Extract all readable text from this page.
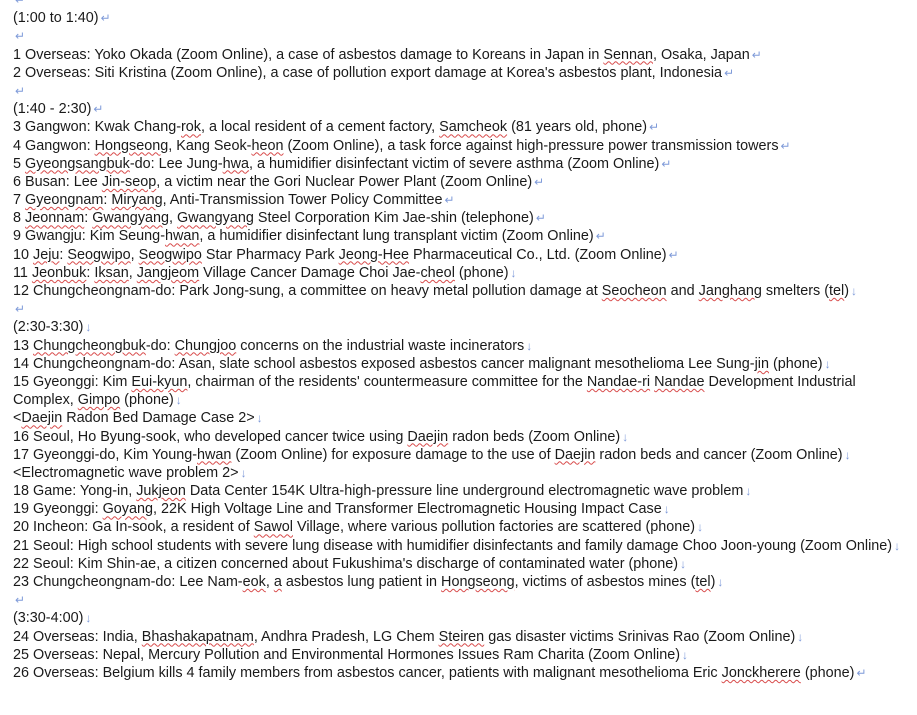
↵
(1:00 to 1:40)↵
↵
1 Overseas: Yoko Okada (Zoom Online), a case of asbestos damage to Koreans in Japan in Sennan, Osaka, Japan↵
2 Overseas: Siti Kristina (Zoom Online), a case of pollution export damage at Korea's asbestos plant, Indonesia↵
↵
(1:40 - 2:30)↵
3 Gangwon: Kwak Chang-rok, a local resident of a cement factory, Samcheok (81 years old, phone)↵
4 Gangwon: Hongseong, Kang Seok-heon (Zoom Online), a task force against high-pressure power transmission towers↵
5 Gyeongsangbuk-do: Lee Jung-hwa, a humidifier disinfectant victim of severe asthma (Zoom Online)↵
6 Busan: Lee Jin-seop, a victim near the Gori Nuclear Power Plant (Zoom Online)↵
7 Gyeongnam: Miryang, Anti-Transmission Tower Policy Committee↵
8 Jeonnam: Gwangyang, Gwangyang Steel Corporation Kim Jae-shin (telephone)↵
9 Gwangju: Kim Seung-hwan, a humidifier disinfectant lung transplant victim (Zoom Online)↵
10 Jeju: Seogwipo, Seogwipo Star Pharmacy Park Jeong-Hee Pharmaceutical Co., Ltd. (Zoom Online)↵
11 Jeonbuk: Iksan, Jangjeom Village Cancer Damage Choi Jae-cheol (phone)↓
12 Chungcheongnam-do: Park Jong-sung, a committee on heavy metal pollution damage at Seocheon and Janghang smelters (tel)↓
↵
(2:30-3:30)↓
13 Chungcheongbuk-do: Chungjoo concerns on the industrial waste incinerators↓
14 Chungcheongnam-do: Asan, slate school asbestos exposed asbestos cancer malignant mesothelioma Lee Sung-jin (phone)↓
15 Gyeonggi: Kim Eui-kyun, chairman of the residents' countermeasure committee for the Nandae-ri Nandae Development Industrial Complex, Gimpo (phone)↓
<Daejin Radon Bed Damage Case 2>↓
16 Seoul, Ho Byung-sook, who developed cancer twice using Daejin radon beds (Zoom Online)↓
17 Gyeonggi-do, Kim Young-hwan (Zoom Online) for exposure damage to the use of Daejin radon beds and cancer (Zoom Online)↓
<Electromagnetic wave problem 2>↓
18 Game: Yong-in, Jukjeon Data Center 154K Ultra-high-pressure line underground electromagnetic wave problem↓
19 Gyeonggi: Goyang, 22K High Voltage Line and Transformer Electromagnetic Housing Impact Case↓
20 Incheon: Ga In-sook, a resident of Sawol Village, where various pollution factories are scattered (phone)↓
21 Seoul: High school students with severe lung disease with humidifier disinfectants and family damage Choo Joon-young (Zoom Online)↓
22 Seoul: Kim Shin-ae, a citizen concerned about Fukushima's discharge of contaminated water (phone)↓
23 Chungcheongnam-do: Lee Nam-eok, a asbestos lung patient in Hongseong, victims of asbestos mines (tel)↓
↵
(3:30-4:00)↓
24 Overseas: India, Bhashakapatnam, Andhra Pradesh, LG Chem Steiren gas disaster victims Srinivas Rao (Zoom Online)↓
25 Overseas: Nepal, Mercury Pollution and Environmental Hormones Issues Ram Charita (Zoom Online)↓
26 Overseas: Belgium kills 4 family members from asbestos cancer, patients with malignant mesothelioma Eric Jonckherere (phone)↵
